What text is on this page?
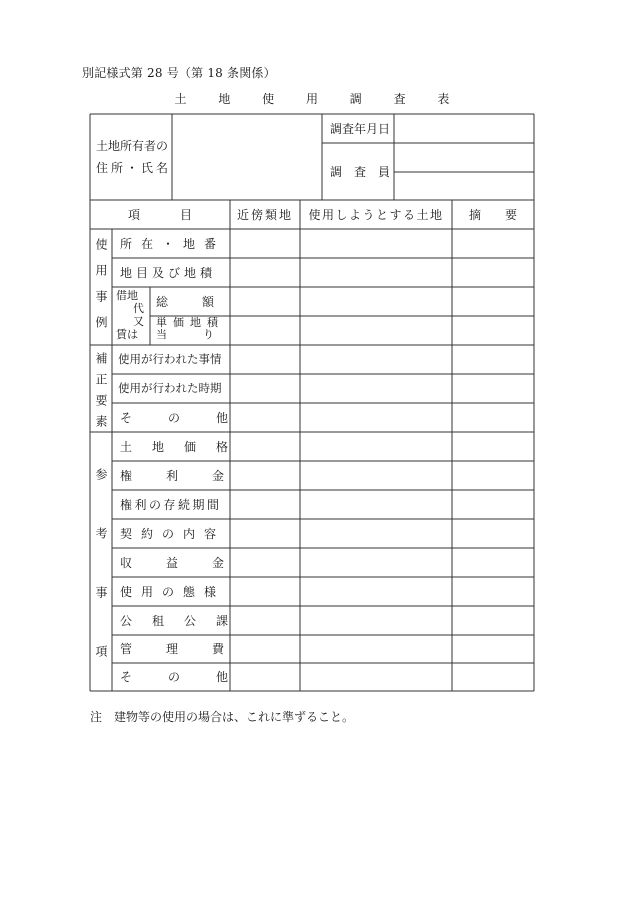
別記様式第 28 号（第 18 条関係）
土 地 使 用 調 査 表
土地所有者の
住所・氏名
調査年月日
調査員
項目 近傍類地 使用しようとする土地	摘要
使用事例
補正要素
参考事項
所在・地番
地目及び地積
借地
代
又
賃は
総額
単価地積
当り
使用が行われた事情
使用が行われた時期
その他
土地価格
権利金
権利の存続期間
契約の内容
収益金
使用の態様
公租公課
管理費
その他
注　建物等の使用の場合は、これに準ずること。
